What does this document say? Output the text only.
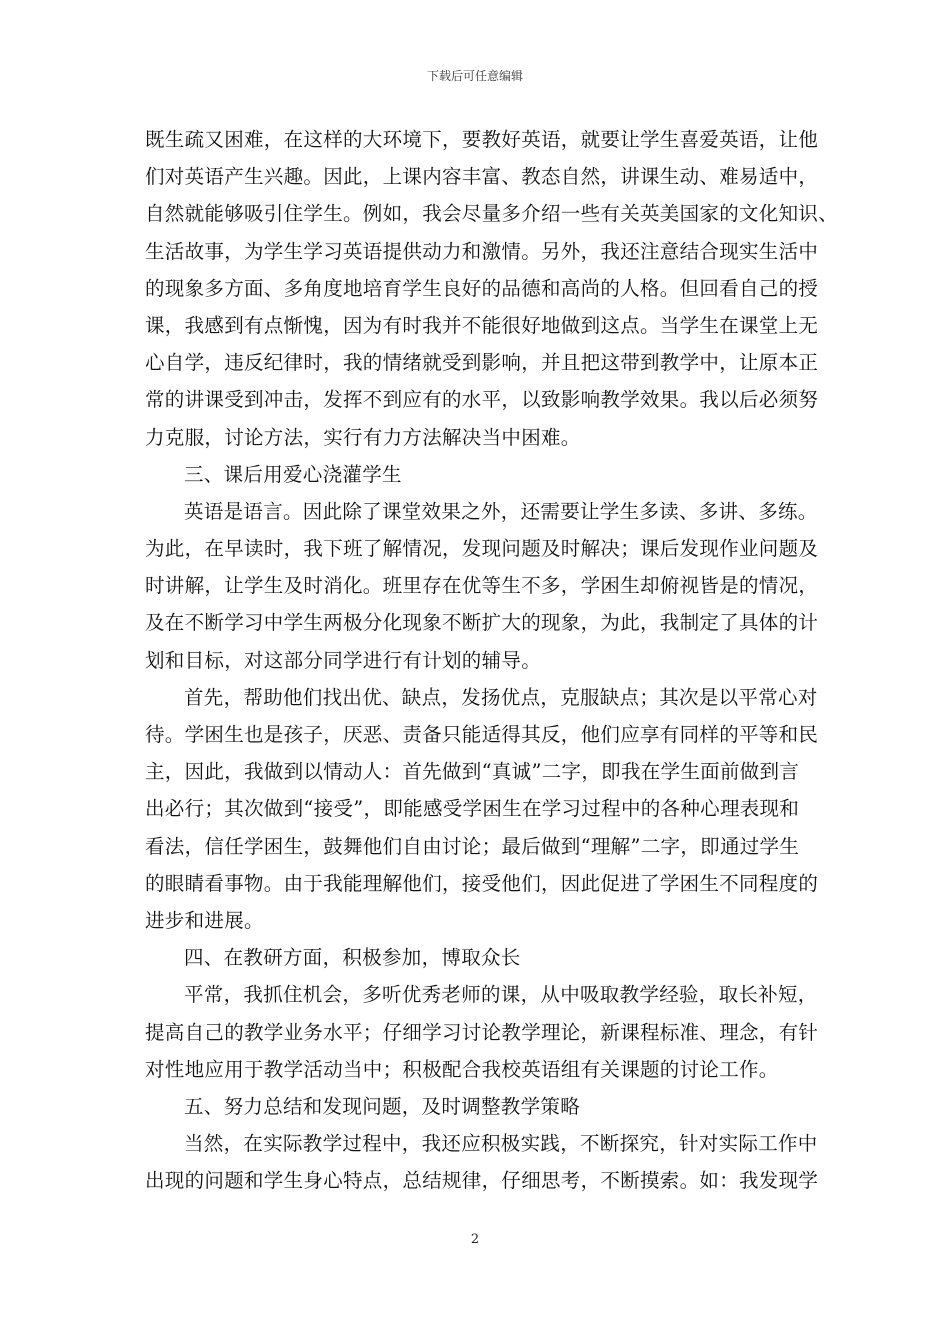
下载后可任意编辑
既生疏又困难，在这样的大环境下，要教好英语，就要让学生喜爱英语，让他
们对英语产生兴趣。因此，上课内容丰富、教态自然，讲课生动、难易适中，
自然就能够吸引住学生。例如，我会尽量多介绍一些有关英美国家的文化知识、
生活故事，为学生学习英语提供动力和激情。另外，我还注意结合现实生活中
的现象多方面、多角度地培育学生良好的品德和高尚的人格。但回看自己的授
课，我感到有点惭愧，因为有时我并不能很好地做到这点。当学生在课堂上无
心自学，违反纪律时，我的情绪就受到影响，并且把这带到教学中，让原本正
常的讲课受到冲击，发挥不到应有的水平，以致影响教学效果。我以后必须努
力克服，讨论方法，实行有力方法解决当中困难。
三、课后用爱心浇灌学生
英语是语言。因此除了课堂效果之外，还需要让学生多读、多讲、多练。
为此，在早读时，我下班了解情况，发现问题及时解决；课后发现作业问题及
时讲解，让学生及时消化。班里存在优等生不多，学困生却俯视皆是的情况，
及在不断学习中学生两极分化现象不断扩大的现象，为此，我制定了具体的计
划和目标，对这部分同学进行有计划的辅导。
首先，帮助他们找出优、缺点，发扬优点，克服缺点；其次是以平常心对
待。学困生也是孩子，厌恶、责备只能适得其反，他们应享有同样的平等和民
主，因此，我做到以情动人：首先做到“真诚”二字，即我在学生面前做到言
出必行；其次做到“接受”，即能感受学困生在学习过程中的各种心理表现和
看法，信任学困生，鼓舞他们自由讨论；最后做到“理解”二字，即通过学生
的眼睛看事物。由于我能理解他们，接受他们，因此促进了学困生不同程度的
进步和进展。
四、在教研方面，积极参加，博取众长
平常，我抓住机会，多听优秀老师的课，从中吸取教学经验，取长补短，
提高自己的教学业务水平；仔细学习讨论教学理论，新课程标准、理念，有针
对性地应用于教学活动当中；积极配合我校英语组有关课题的讨论工作。
五、努力总结和发现问题，及时调整教学策略
当然，在实际教学过程中，我还应积极实践，不断探究，针对实际工作中
出现的问题和学生身心特点，总结规律，仔细思考，不断摸索。如：我发现学
2
